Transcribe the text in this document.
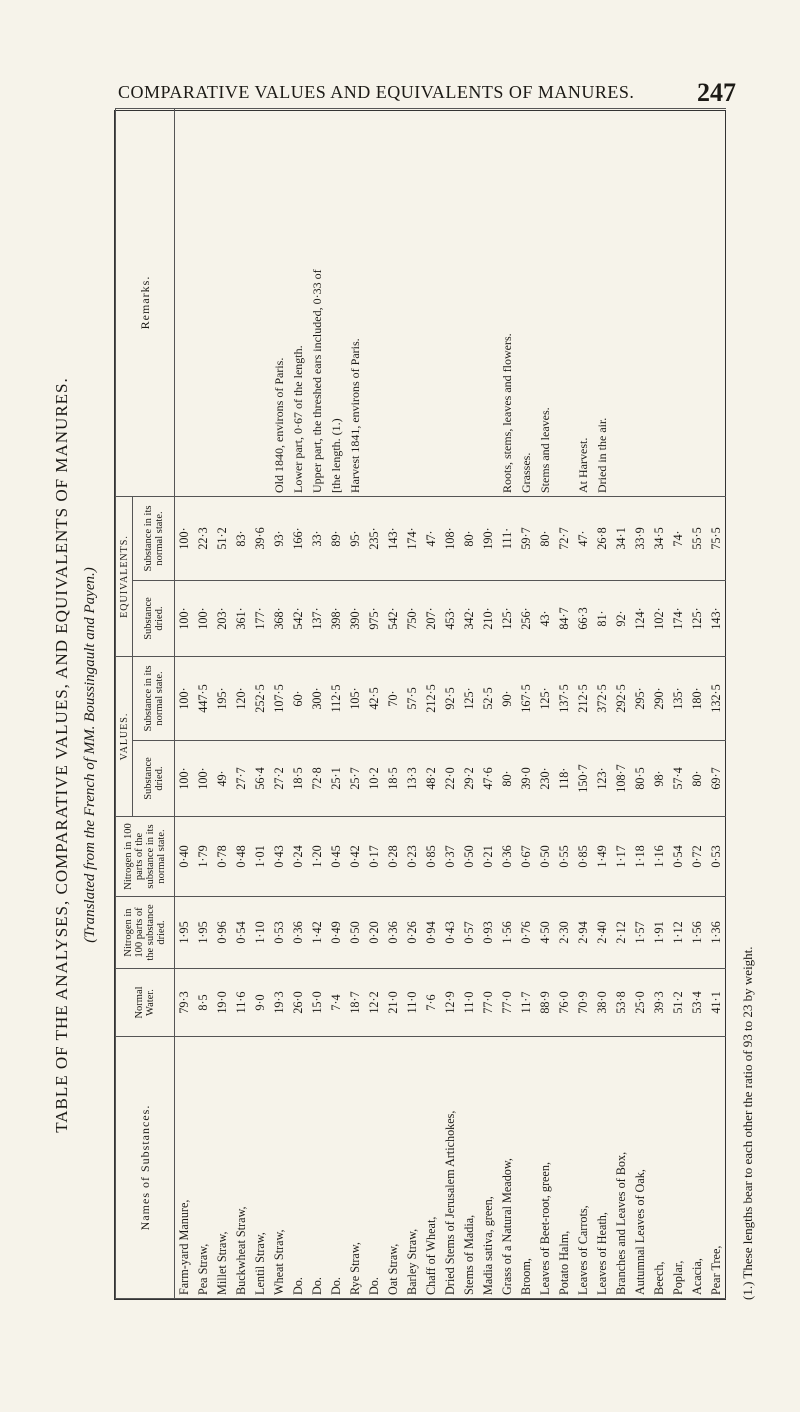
COMPARATIVE VALUES AND EQUIVALENTS OF MANURES. 247
TABLE OF THE ANALYSES, COMPARATIVE VALUES, AND EQUIVALENTS OF MANURES. (Translated from the French of MM. Boussingault and Payen.)
Names of Substances.	Normal Water.	Nitrogen in 100 parts of the substance dried.	Nitrogen in 100 parts of the substance in its normal state.	VALUES.		EQUIVALENTS.		Remarks.
				Substance dried.	Substance in its normal state.	Substance dried.	Substance in its normal state.	
Farm-yard Manure,	79·3	1·95	0·40	100·	100·	100·	100·	
Pea Straw,	8·5	1·95	1·79	100·	447·5	100·	22·3	
Millet Straw,	19·0	0·96	0·78	49·	195·	203·	51·2	
Buckwheat Straw,	11·6	0·54	0·48	27·7	120·	361·	83·	
Lentil Straw,	9·0	1·10	1·01	56·4	252·5	177·	39·6	
Wheat Straw,	19·3	0·53	0·43	27·2	107·5	368·	93·	Old 1840, environs of Paris.
Do.	26·0	0·36	0·24	18·5	60·	542·	166·	Lower part, 0·67 of the length.
Do.	15·0	1·42	1·20	72·8	300·	137·	33·	Upper part, the threshed ears included, 0·33 of
Do.	7·4	0·49	0·45	25·1	112·5	398·	89·	[the length. (1.)
Rye Straw,	18·7	0·50	0·42	25·7	105·	390·	95·	Harvest 1841, environs of Paris.
Do.	12·2	0·20	0·17	10·2	42·5	975·	235·	
Oat Straw,	21·0	0·36	0·28	18·5	70·	542·	143·	
Barley Straw,	11·0	0·26	0·23	13·3	57·5	750·	174·	
Chaff of Wheat,	7·6	0·94	0·85	48·2	212·5	207·	47·	
Dried Stems of Jerusalem Artichokes,	12·9	0·43	0·37	22·0	92·5	453·	108·	
Stems of Madia,	11·0	0·57	0·50	29·2	125·	342·	80·	
Madia sativa, green,	77·0	0·93	0·21	47·6	52·5	210·	190·	
Grass of a Natural Meadow,	77·0	1·56	0·36	80·	90·	125·	111·	Roots, stems, leaves and flowers.
Broom,	11·7	0·76	0·67	39·0	167·5	256·	59·7	Grasses.
Leaves of Beet-root, green,	88·9	4·50	0·50	230·	125·	43·	80·	Stems and leaves.
Potato Halm,	76·0	2·30	0·55	118·	137·5	84·7	72·7	
Leaves of Carrots,	70·9	2·94	0·85	150·7	212·5	66·3	47·	At Harvest.
Leaves of Heath,	38·0	2·40	1·49	123·	372·5	81·	26·8	Dried in the air.
Branches and Leaves of Box,	53·8	2·12	1·17	108·7	292·5	92·	34·1	
Autumnal Leaves of Oak,	25·0	1·57	1·18	80·5	295·	124·	33·9	
Beech,	39·3	1·91	1·16	98·	290·	102·	34·5	
Poplar,	51·2	1·12	0·54	57·4	135·	174·	74·	
Acacia,	53·4	1·56	0·72	80·	180·	125·	55·5	
Pear Tree,	41·1	1·36	0·53	69·7	132·5	143·	75·5	
(1.) These lengths bear to each other the ratio of 93 to 23 by weight.
